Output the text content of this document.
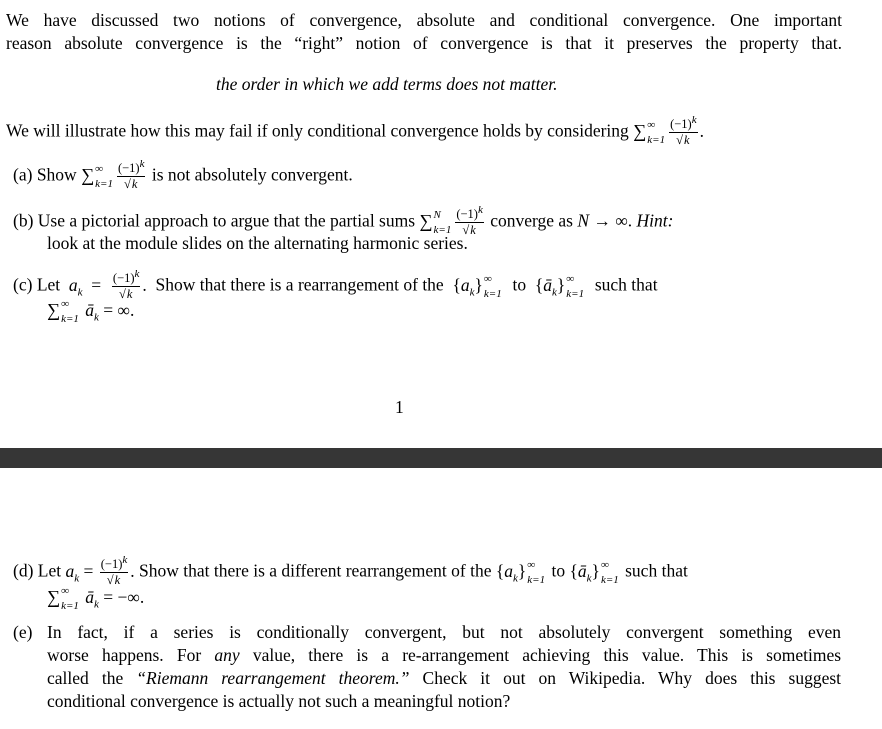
We have discussed two notions of convergence, absolute and conditional convergence. One important
reason absolute convergence is the “right” notion of convergence is that it preserves the property that.
the order in which we add terms does not matter.
We will illustrate how this may fail if only conditional convergence holds by considering ∑ ∞
$k=1 \frac{(-1)^k}{√k}$ .
(a) Show ∑ ∞
$k=1 \frac{(-1)^k}{√k}$ is not absolutely convergent.
(b) Use a pictorial approach to argue that the partial sums ∑ N
$k=1 \frac{(-1)^k}{√k}$ converge as N → ∞. Hint:
look at the module slides on the alternating harmonic series.
(c) Let $a_k = \frac{(-1)^k}{√k}$ . Show that there is a rearrangement of the $\{a_k\}$ ∞
k=1 to $\{ā_k\}$ ∞
k=1 such that
∑ ∞
k=1 $ā_k$ = ∞.
1
(d) Let $a_k = \frac{(-1)^k}{√k}$ . Show that there is a different rearrangement of the $\{a_k\}$ ∞
k=1 to $\{ā_k\}$ ∞
k=1 such that
∑ ∞
k=1 $ā_k$ = −∞.
(e) In fact, if a series is conditionally convergent, but not absolutely convergent something even
worse happens. For any value, there is a re-arrangement achieving this value. This is sometimes
called the “Riemann rearrangement theorem.” Check it out on Wikipedia. Why does this suggest
conditional convergence is actually not such a meaningful notion?
